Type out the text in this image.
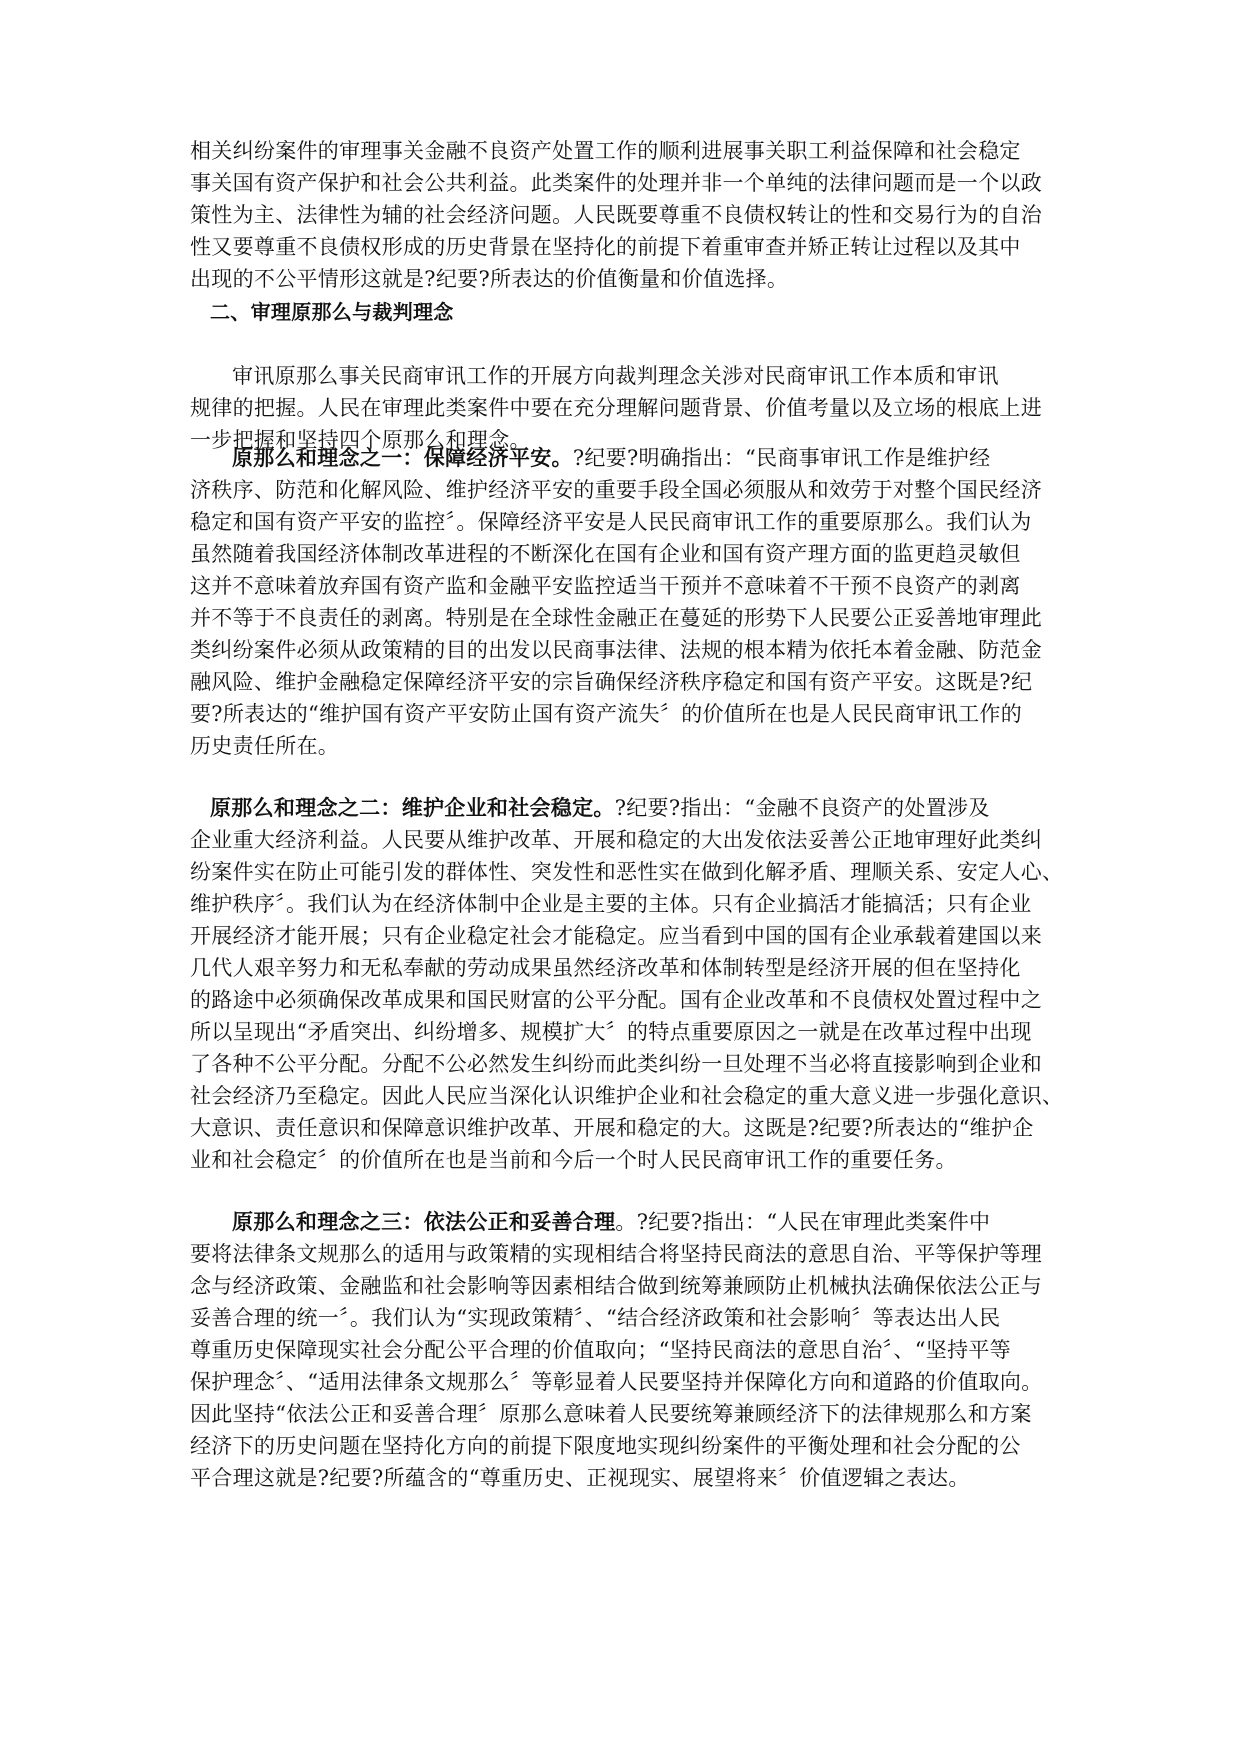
相关纠纷案件的审理事关金融不良资产处置工作的顺利进展事关职工利益保障和社会稳定
事关国有资产保护和社会公共利益。此类案件的处理并非一个单纯的法律问题而是一个以政
策性为主、法律性为辅的社会经济问题。人民既要尊重不良债权转让的性和交易行为的自治
性又要尊重不良债权形成的历史背景在坚持化的前提下着重审查并矫正转让过程以及其中
出现的不公平情形这就是?纪要?所表达的价值衡量和价值选择。
二、审理原那么与裁判理念
审讯原那么事关民商审讯工作的开展方向裁判理念关涉对民商审讯工作本质和审讯
规律的把握。人民在审理此类案件中要在充分理解问题背景、价值考量以及立场的根底上进
一步把握和坚持四个原那么和理念。
原那么和理念之一：保障经济平安。?纪要?明确指出：“民商事审讯工作是维护经
济秩序、防范和化解风险、维护经济平安的重要手段全国必须服从和效劳于对整个国民经济
稳定和国有资产平安的监控〞。保障经济平安是人民民商审讯工作的重要原那么。我们认为
虽然随着我国经济体制改革进程的不断深化在国有企业和国有资产理方面的监更趋灵敏但
这并不意味着放弃国有资产监和金融平安监控适当干预并不意味着不干预不良资产的剥离
并不等于不良责任的剥离。特别是在全球性金融正在蔓延的形势下人民要公正妥善地审理此
类纠纷案件必须从政策精的目的出发以民商事法律、法规的根本精为依托本着金融、防范金
融风险、维护金融稳定保障经济平安的宗旨确保经济秩序稳定和国有资产平安。这既是?纪
要?所表达的“维护国有资产平安防止国有资产流失〞的价值所在也是人民民商审讯工作的
历史责任所在。
原那么和理念之二：维护企业和社会稳定。?纪要?指出：“金融不良资产的处置涉及
企业重大经济利益。人民要从维护改革、开展和稳定的大出发依法妥善公正地审理好此类纠
纷案件实在防止可能引发的群体性、突发性和恶性实在做到化解矛盾、理顺关系、安定人心、
维护秩序〞。我们认为在经济体制中企业是主要的主体。只有企业搞活才能搞活；只有企业
开展经济才能开展；只有企业稳定社会才能稳定。应当看到中国的国有企业承载着建国以来
几代人艰辛努力和无私奉献的劳动成果虽然经济改革和体制转型是经济开展的但在坚持化
的路途中必须确保改革成果和国民财富的公平分配。国有企业改革和不良债权处置过程中之
所以呈现出“矛盾突出、纠纷增多、规模扩大〞的特点重要原因之一就是在改革过程中出现
了各种不公平分配。分配不公必然发生纠纷而此类纠纷一旦处理不当必将直接影响到企业和
社会经济乃至稳定。因此人民应当深化认识维护企业和社会稳定的重大意义进一步强化意识、
大意识、责任意识和保障意识维护改革、开展和稳定的大。这既是?纪要?所表达的“维护企
业和社会稳定〞的价值所在也是当前和今后一个时人民民商审讯工作的重要任务。
原那么和理念之三：依法公正和妥善合理。?纪要?指出：“人民在审理此类案件中
要将法律条文规那么的适用与政策精的实现相结合将坚持民商法的意思自治、平等保护等理
念与经济政策、金融监和社会影响等因素相结合做到统筹兼顾防止机械执法确保依法公正与
妥善合理的统一〞。我们认为“实现政策精〞、“结合经济政策和社会影响〞等表达出人民
尊重历史保障现实社会分配公平合理的价值取向；“坚持民商法的意思自治〞、“坚持平等
保护理念〞、“适用法律条文规那么〞等彰显着人民要坚持并保障化方向和道路的价值取向。
因此坚持“依法公正和妥善合理〞原那么意味着人民要统筹兼顾经济下的法律规那么和方案
经济下的历史问题在坚持化方向的前提下限度地实现纠纷案件的平衡处理和社会分配的公
平合理这就是?纪要?所蕴含的“尊重历史、正视现实、展望将来〞价值逻辑之表达。
